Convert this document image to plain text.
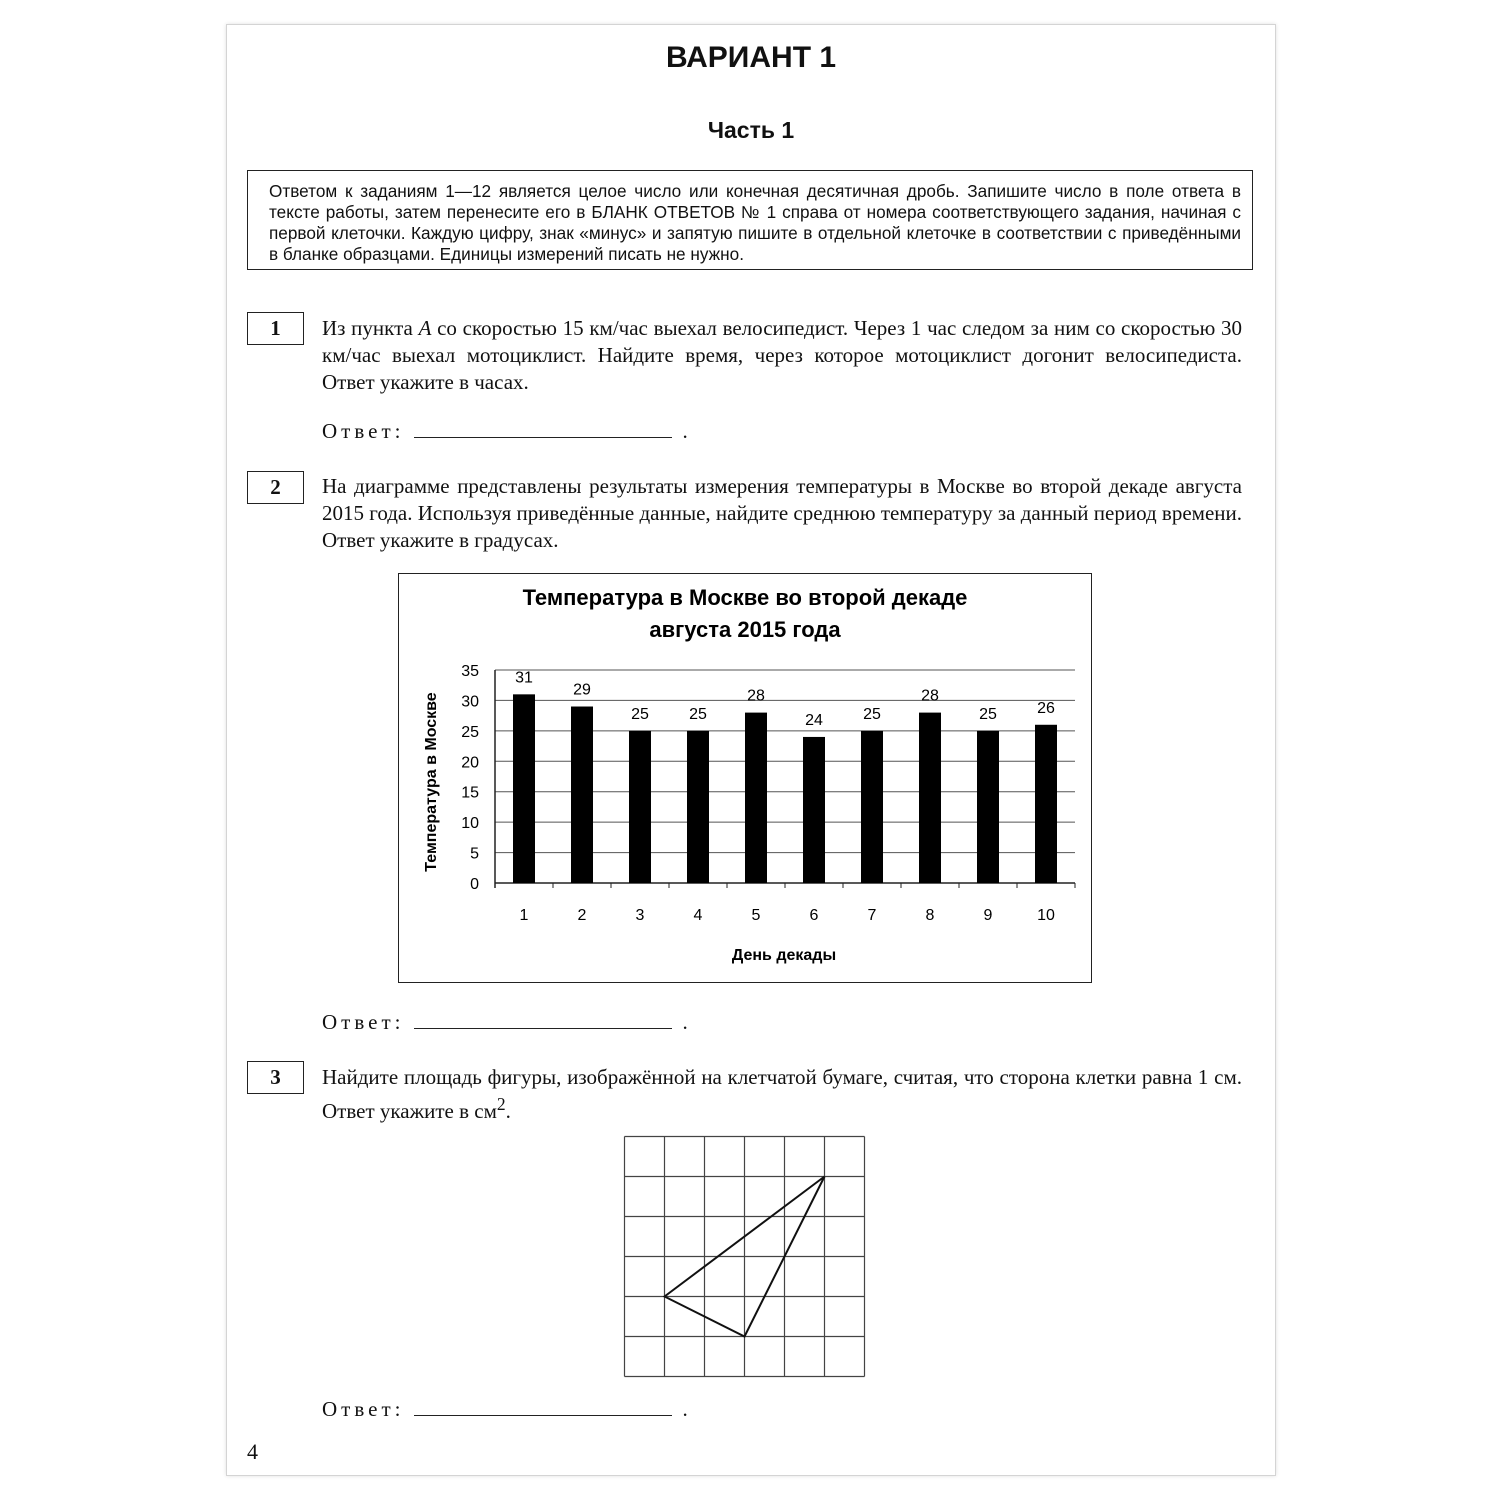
ВАРИАНТ 1
Часть 1
Ответом к заданиям 1—12 является целое число или конечная десятичная дробь. Запишите число в поле ответа в тексте работы, затем перенесите его в БЛАНК ОТВЕТОВ № 1 справа от номера соответствующего задания, начиная с первой клеточки. Каждую цифру, знак «минус» и запятую пишите в отдельной клеточке в соответствии с приведёнными в бланке образцами. Единицы измерений писать не нужно.
1	Из пункта A со скоростью 15 км/час выехал велосипедист. Через 1 час следом за ним со скоростью 30 км/час выехал мотоциклист. Найдите время, через которое мотоциклист догонит велосипедиста. Ответ укажите в часах.
Ответ:	.
2	На диаграмме представлены результаты измерения температуры в Москве во второй декаде августа 2015 года. Используя приведённые данные, найдите среднюю температуру за данный период времени. Ответ укажите в градусах.
Температура в Москве во второй декаде
августа 2015 года
День декады
Температура в Москве
0
5
10
15
20
25
30
35 31
1
29
2
25
3
25
4
28
5
24
6
25
7
28
8
25
9
26
10
Ответ:	.
3	Найдите площадь фигуры, изображённой на клетчатой бумаге, считая, что сторона клетки равна 1 см. Ответ укажите в $см^2$.
Ответ:	.
4
